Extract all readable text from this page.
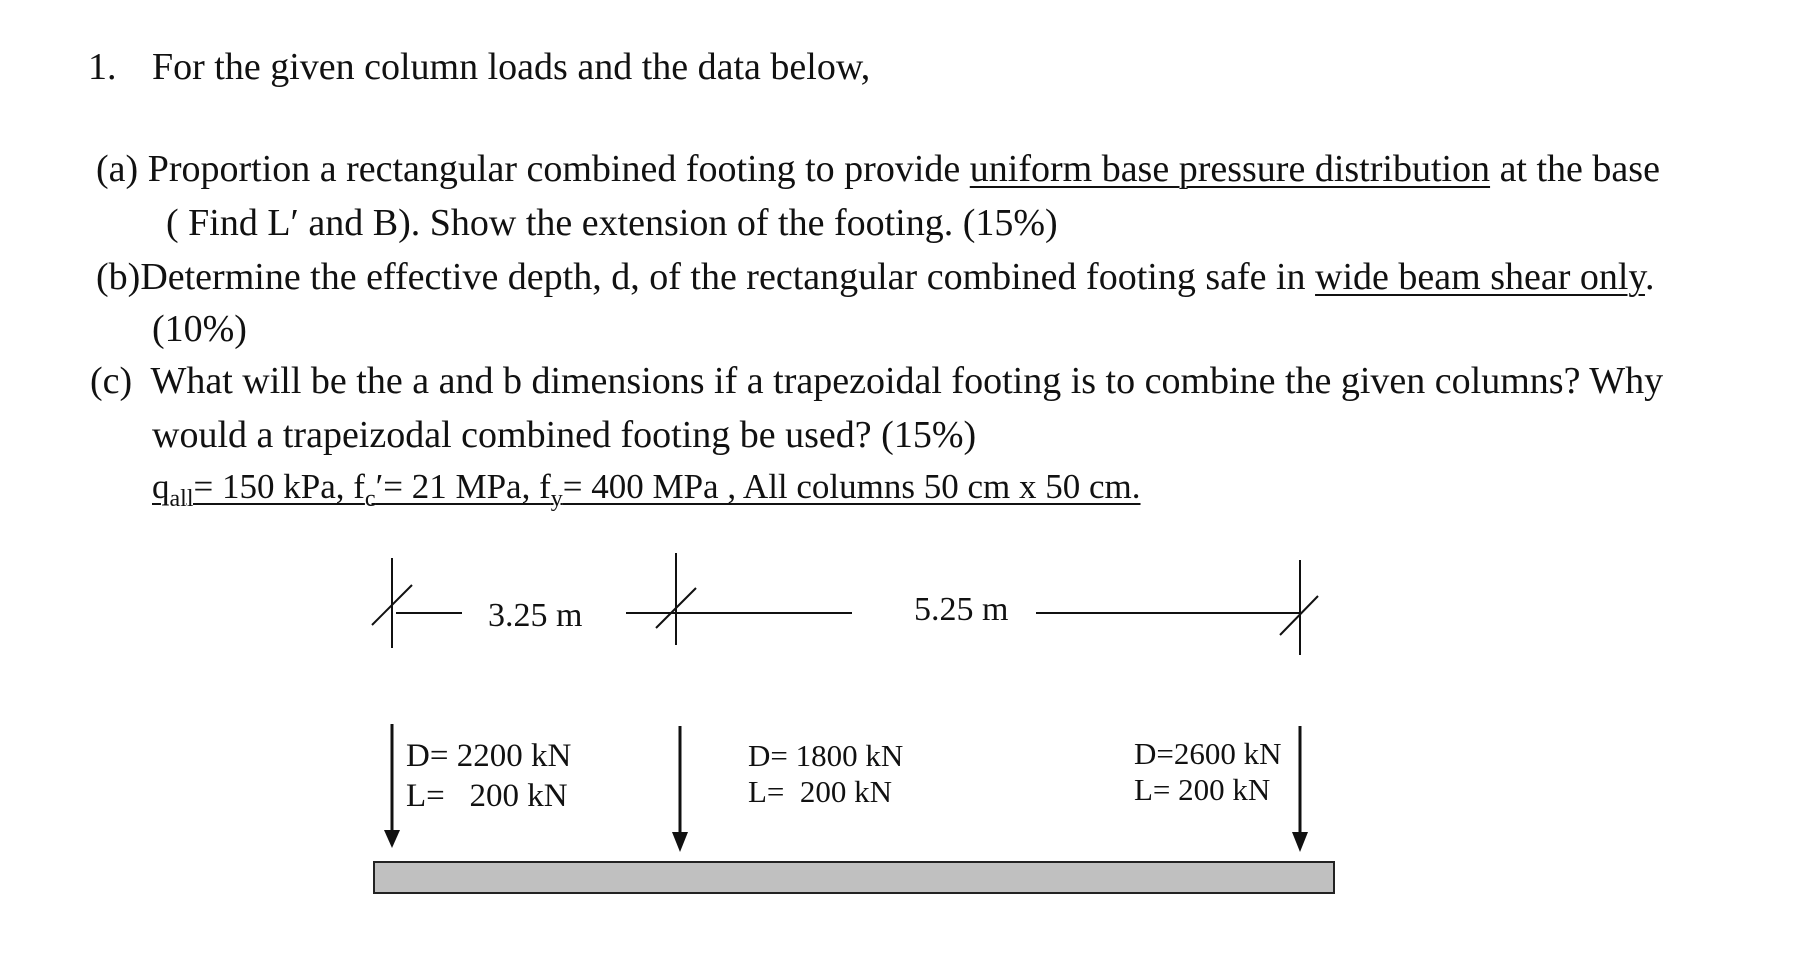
1. For the given column loads and the data below,
(a) Proportion a rectangular combined footing to provide uniform base pressure distribution at the base
( Find L′ and B). Show the extension of the footing. (15%)
(b)Determine the effective depth, d, of the rectangular combined footing safe in wide beam shear only.
(10%)
(c) What will be the a and b dimensions if a trapezoidal footing is to combine the given columns? Why
would a trapeizodal combined footing be used? (15%)
$q_{all}= 150$ kPa, $f_c'= 21$ MPa, $f_y= 400$ MPa , All columns 50 cm x 50 cm.
3.25 m	5.25 m
D= 2200 kN
L=   200 kN
D= 1800 kN
L=  200 kN
D=2600 kN
L= 200 kN
